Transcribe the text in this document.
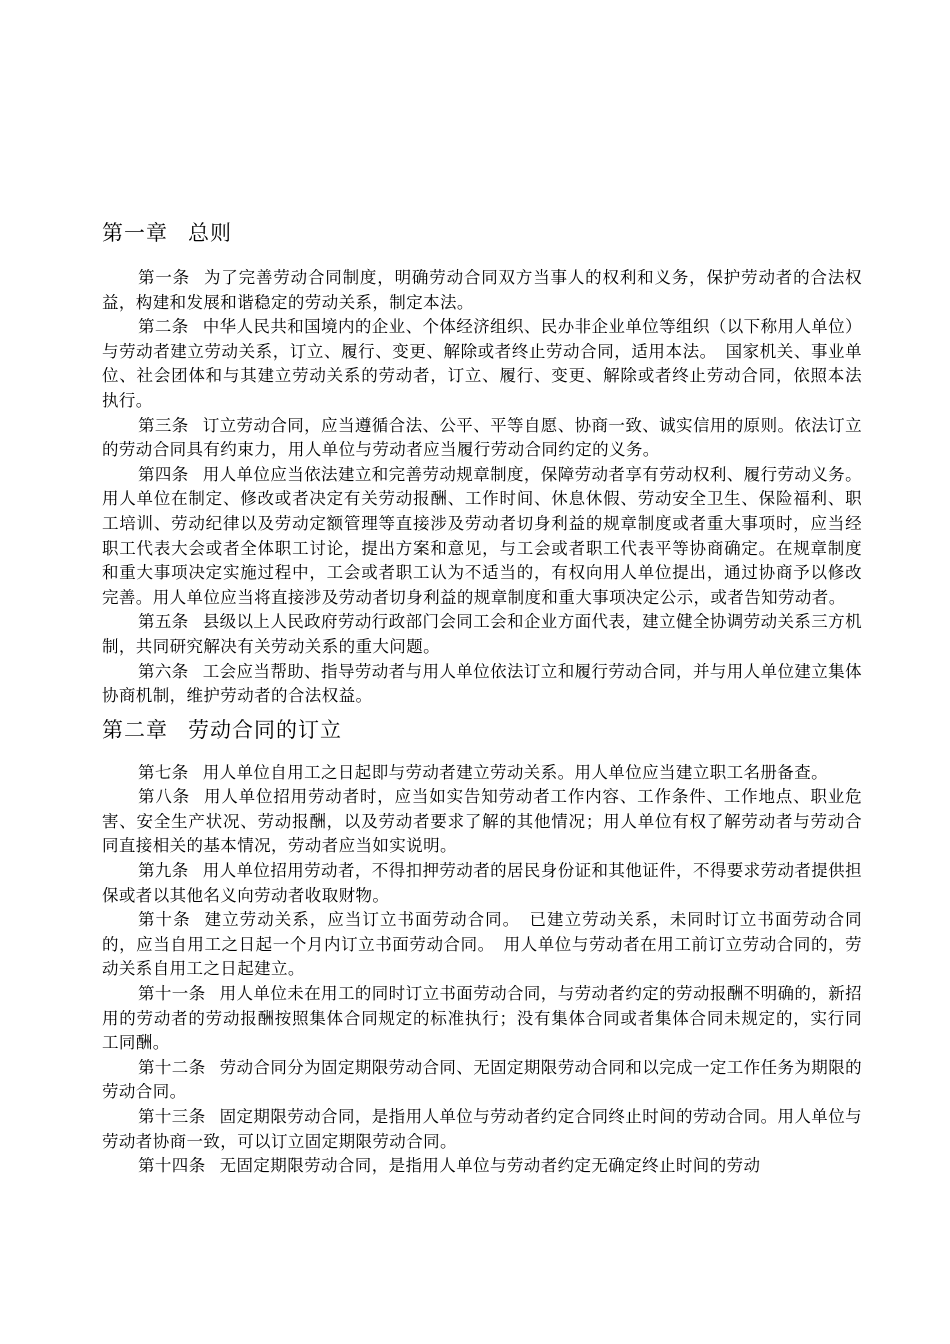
第一章 总则

第一条 为了完善劳动合同制度，明确劳动合同双方当事人的权利和义务，保护劳动者的合法权益，构建和发展和谐稳定的劳动关系，制定本法。

第二条 中华人民共和国境内的企业、个体经济组织、民办非企业单位等组织（以下称用人单位）与劳动者建立劳动关系，订立、履行、变更、解除或者终止劳动合同，适用本法。　国家机关、事业单位、社会团体和与其建立劳动关系的劳动者，订立、履行、变更、解除或者终止劳动合同，依照本法执行。

第三条 订立劳动合同，应当遵循合法、公平、平等自愿、协商一致、诚实信用的原则。依法订立的劳动合同具有约束力，用人单位与劳动者应当履行劳动合同约定的义务。

第四条 用人单位应当依法建立和完善劳动规章制度，保障劳动者享有劳动权利、履行劳动义务。用人单位在制定、修改或者决定有关劳动报酬、工作时间、休息休假、劳动安全卫生、保险福利、职工培训、劳动纪律以及劳动定额管理等直接涉及劳动者切身利益的规章制度或者重大事项时，应当经职工代表大会或者全体职工讨论，提出方案和意见，与工会或者职工代表平等协商确定。在规章制度和重大事项决定实施过程中，工会或者职工认为不适当的，有权向用人单位提出，通过协商予以修改完善。用人单位应当将直接涉及劳动者切身利益的规章制度和重大事项决定公示，或者告知劳动者。

第五条 县级以上人民政府劳动行政部门会同工会和企业方面代表，建立健全协调劳动关系三方机制，共同研究解决有关劳动关系的重大问题。

第六条 工会应当帮助、指导劳动者与用人单位依法订立和履行劳动合同，并与用人单位建立集体协商机制，维护劳动者的合法权益。

第二章 劳动合同的订立

第七条 用人单位自用工之日起即与劳动者建立劳动关系。用人单位应当建立职工名册备查。

第八条 用人单位招用劳动者时，应当如实告知劳动者工作内容、工作条件、工作地点、职业危害、安全生产状况、劳动报酬，以及劳动者要求了解的其他情况；用人单位有权了解劳动者与劳动合同直接相关的基本情况，劳动者应当如实说明。

第九条 用人单位招用劳动者，不得扣押劳动者的居民身份证和其他证件，不得要求劳动者提供担保或者以其他名义向劳动者收取财物。

第十条 建立劳动关系，应当订立书面劳动合同。　已建立劳动关系，未同时订立书面劳动合同的，应当自用工之日起一个月内订立书面劳动合同。　用人单位与劳动者在用工前订立劳动合同的，劳动关系自用工之日起建立。

第十一条 用人单位未在用工的同时订立书面劳动合同，与劳动者约定的劳动报酬不明确的，新招用的劳动者的劳动报酬按照集体合同规定的标准执行；没有集体合同或者集体合同未规定的，实行同工同酬。

第十二条 劳动合同分为固定期限劳动合同、无固定期限劳动合同和以完成一定工作任务为期限的劳动合同。

第十三条 固定期限劳动合同，是指用人单位与劳动者约定合同终止时间的劳动合同。用人单位与劳动者协商一致，可以订立固定期限劳动合同。

第十四条 无固定期限劳动合同，是指用人单位与劳动者约定无确定终止时间的劳动
